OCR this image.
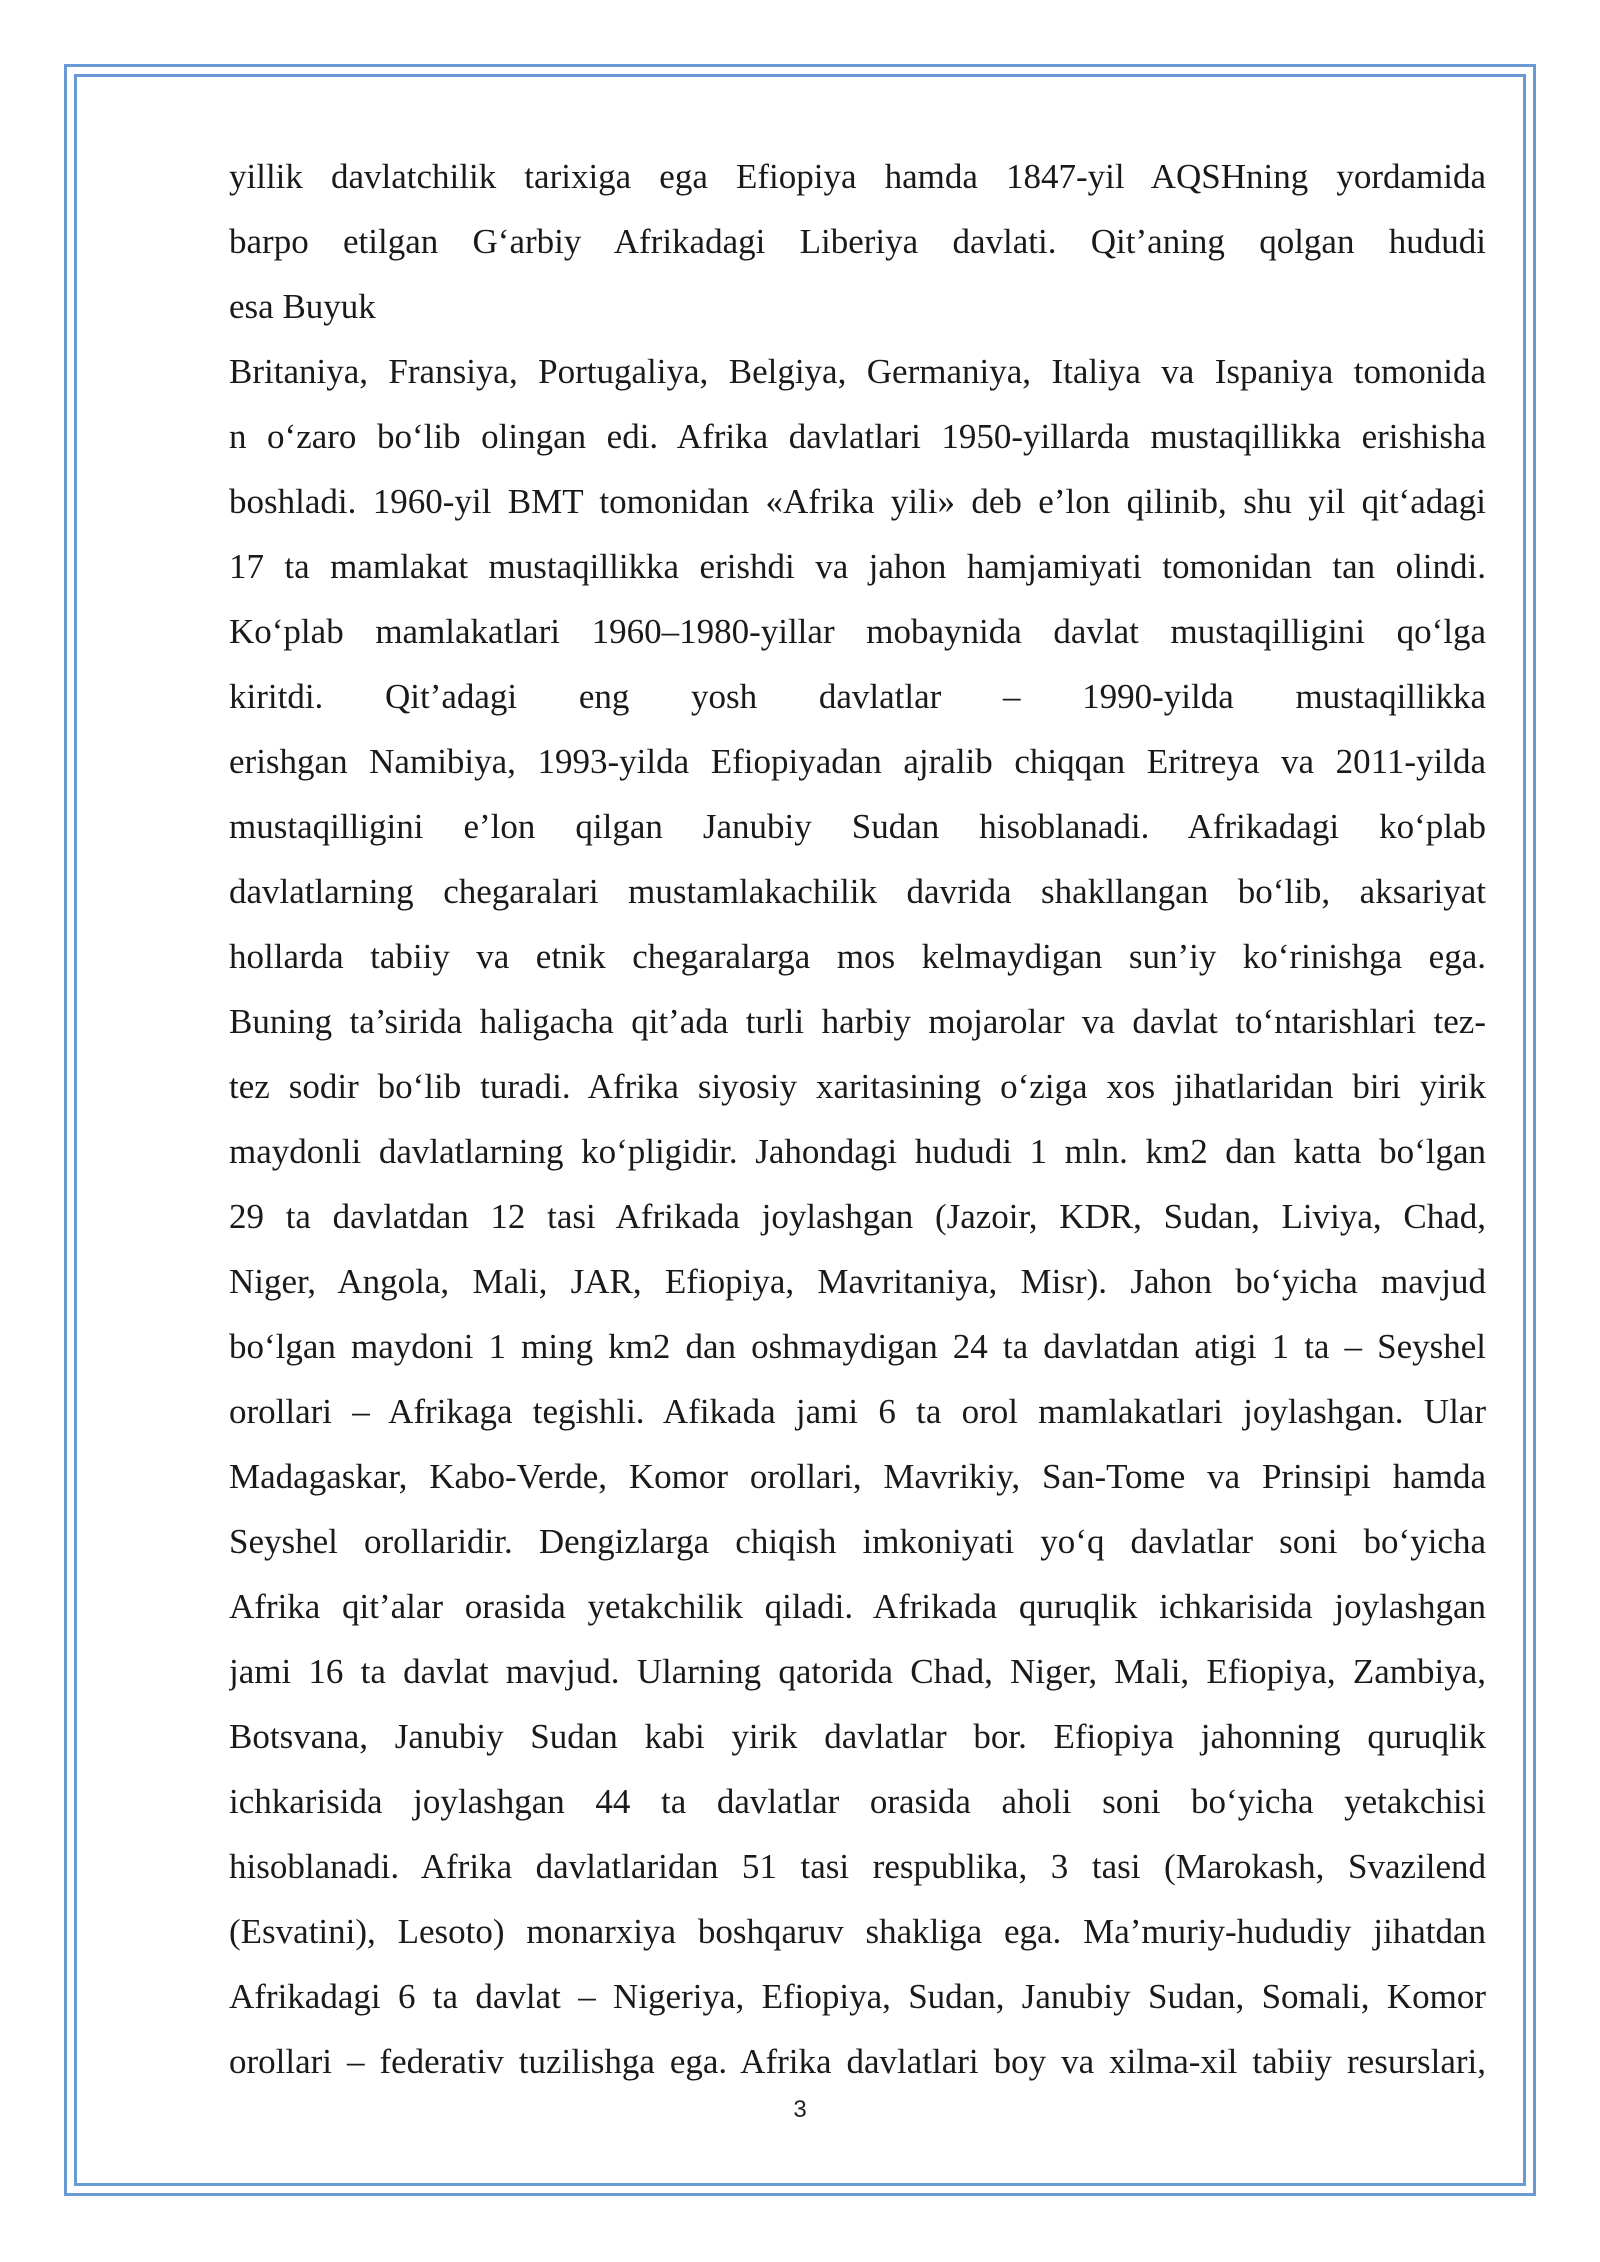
yillik davlatchilik tarixiga ega Efiopiya hamda 1847-yil AQSHning yordamida
barpo etilgan G‘arbiy Afrikadagi Liberiya davlati. Qit’aning qolgan hududi
esa Buyuk
Britaniya, Fransiya, Portugaliya, Belgiya, Germaniya, Italiya va Ispaniya tomonida
n o‘zaro bo‘lib olingan edi. Afrika davlatlari 1950-yillarda mustaqillikka erishisha
boshladi. 1960-yil BMT tomonidan «Afrika yili» deb e’lon qilinib, shu yil qit‘adagi
17 ta mamlakat mustaqillikka erishdi va jahon hamjamiyati tomonidan tan olindi.
Ko‘plab mamlakatlari 1960–1980-yillar mobaynida davlat mustaqilligini qo‘lga
kiritdi. Qit’adagi eng yosh davlatlar – 1990-yilda mustaqillikka
erishgan Namibiya, 1993-yilda Efiopiyadan ajralib chiqqan Eritreya va 2011-yilda
mustaqilligini e’lon qilgan Janubiy Sudan hisoblanadi. Afrikadagi ko‘plab
davlatlarning chegaralari mustamlakachilik davrida shakllangan bo‘lib, aksariyat
hollarda tabiiy va etnik chegaralarga mos kelmaydigan sun’iy ko‘rinishga ega.
Buning ta’sirida haligacha qit’ada turli harbiy mojarolar va davlat to‘ntarishlari tez-
tez sodir bo‘lib turadi. Afrika siyosiy xaritasining o‘ziga xos jihatlaridan biri yirik
maydonli davlatlarning ko‘pligidir. Jahondagi hududi 1 mln. km2 dan katta bo‘lgan
29 ta davlatdan 12 tasi Afrikada joylashgan (Jazoir, KDR, Sudan, Liviya, Chad,
Niger, Angola, Mali, JAR, Efiopiya, Mavritaniya, Misr). Jahon bo‘yicha mavjud
bo‘lgan maydoni 1 ming km2 dan oshmaydigan 24 ta davlatdan atigi 1 ta – Seyshel
orollari – Afrikaga tegishli. Afikada jami 6 ta orol mamlakatlari joylashgan. Ular
Madagaskar, Kabo-Verde, Komor orollari, Mavrikiy, San-Tome va Prinsipi hamda
Seyshel orollaridir. Dengizlarga chiqish imkoniyati yo‘q davlatlar soni bo‘yicha
Afrika qit’alar orasida yetakchilik qiladi. Afrikada quruqlik ichkarisida joylashgan
jami 16 ta davlat mavjud. Ularning qatorida Chad, Niger, Mali, Efiopiya, Zambiya,
Botsvana, Janubiy Sudan kabi yirik davlatlar bor. Efiopiya jahonning quruqlik
ichkarisida joylashgan 44 ta davlatlar orasida aholi soni bo‘yicha yetakchisi
hisoblanadi. Afrika davlatlaridan 51 tasi respublika, 3 tasi (Marokash, Svazilend
(Esvatini), Lesoto) monarxiya boshqaruv shakliga ega. Ma’muriy-hududiy jihatdan
Afrikadagi 6 ta davlat – Nigeriya, Efiopiya, Sudan, Janubiy Sudan, Somali, Komor
orollari – federativ tuzilishga ega. Afrika davlatlari boy va xilma-xil tabiiy resurslari,
3
